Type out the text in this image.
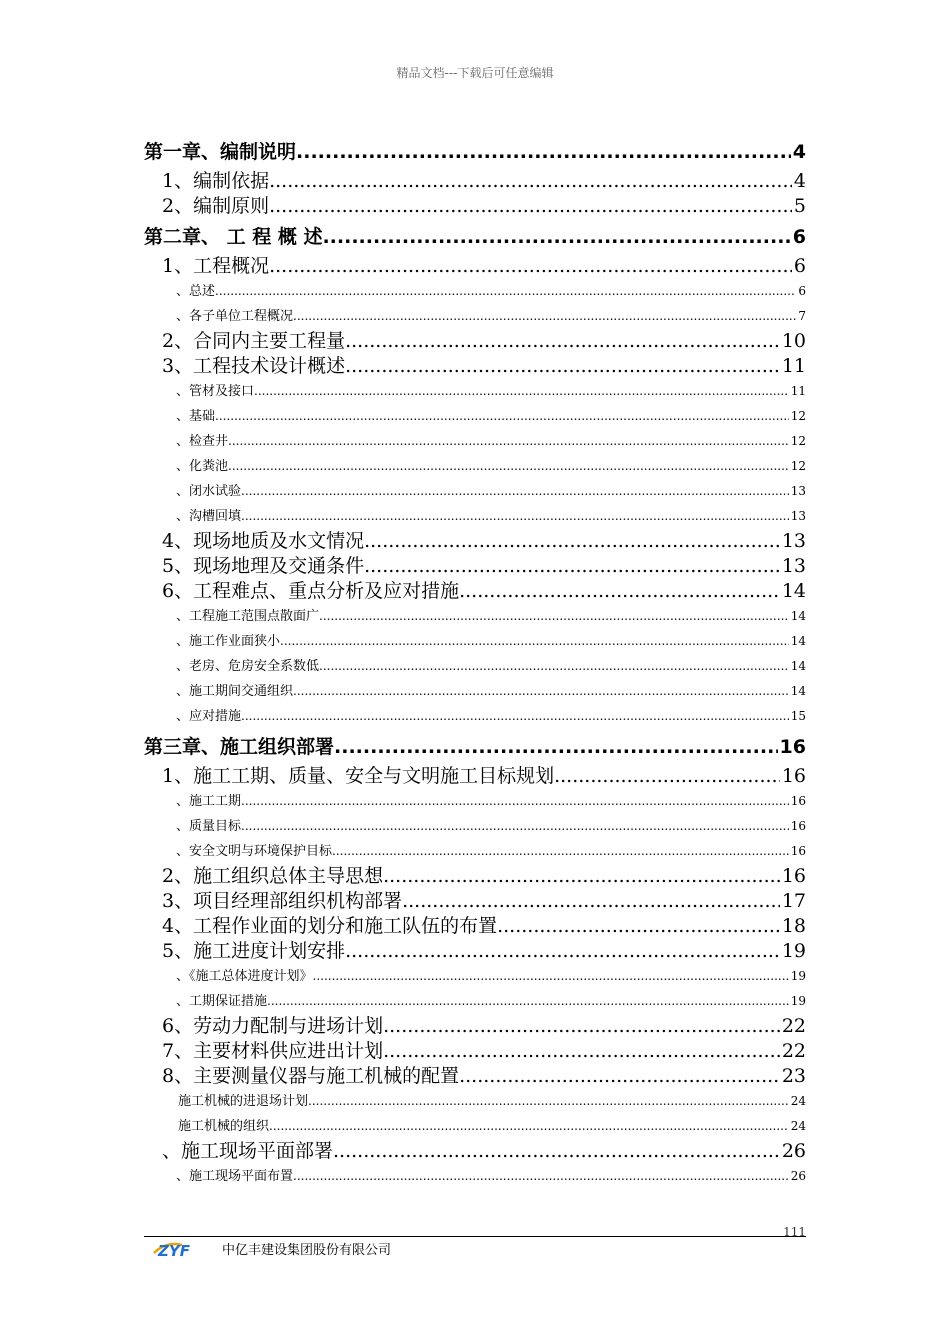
精品文档---下载后可任意编辑
第一章、编制说明 .....	4
1、编制依据 .....	4
2、编制原则 .....	5
第二章、 工 程 概 述 .....	6
1、工程概况 .....	6
、总述 .....	6
、各子单位工程概况 .....	7
2、合同内主要工程量 .....	10
3、工程技术设计概述 .....	11
、管材及接口 .....	11
、基础 .....	12
、检查井 .....	12
、化粪池 .....	12
、闭水试验 .....	13
、沟槽回填 .....	13
4、现场地质及水文情况 .....	13
5、现场地理及交通条件 .....	13
6、工程难点、重点分析及应对措施 .....	14
、工程施工范围点散面广 .....	14
、施工作业面狭小 .....	14
、老房、危房安全系数低 .....	14
、施工期间交通组织 .....	14
、应对措施 .....	15
第三章、施工组织部署 .....	16
1、施工工期、质量、安全与文明施工目标规划 .....	16
、施工工期 .....	16
、质量目标 .....	16
、安全文明与环境保护目标 .....	16
2、施工组织总体主导思想 .....	16
3、项目经理部组织机构部署 .....	17
4、工程作业面的划分和施工队伍的布置 .....	18
5、施工进度计划安排 .....	19
、《施工总体进度计划》 .....	19
、工期保证措施 .....	19
6、劳动力配制与进场计划 .....	22
7、主要材料供应进出计划 .....	22
8、主要测量仪器与施工机械的配置 .....	23
施工机械的进退场计划 .....	24
施工机械的组织 .....	24
、施工现场平面部署 .....	26
、施工现场平面布置 .....	26
ZYF 中亿丰建设集团股份有限公司
111
